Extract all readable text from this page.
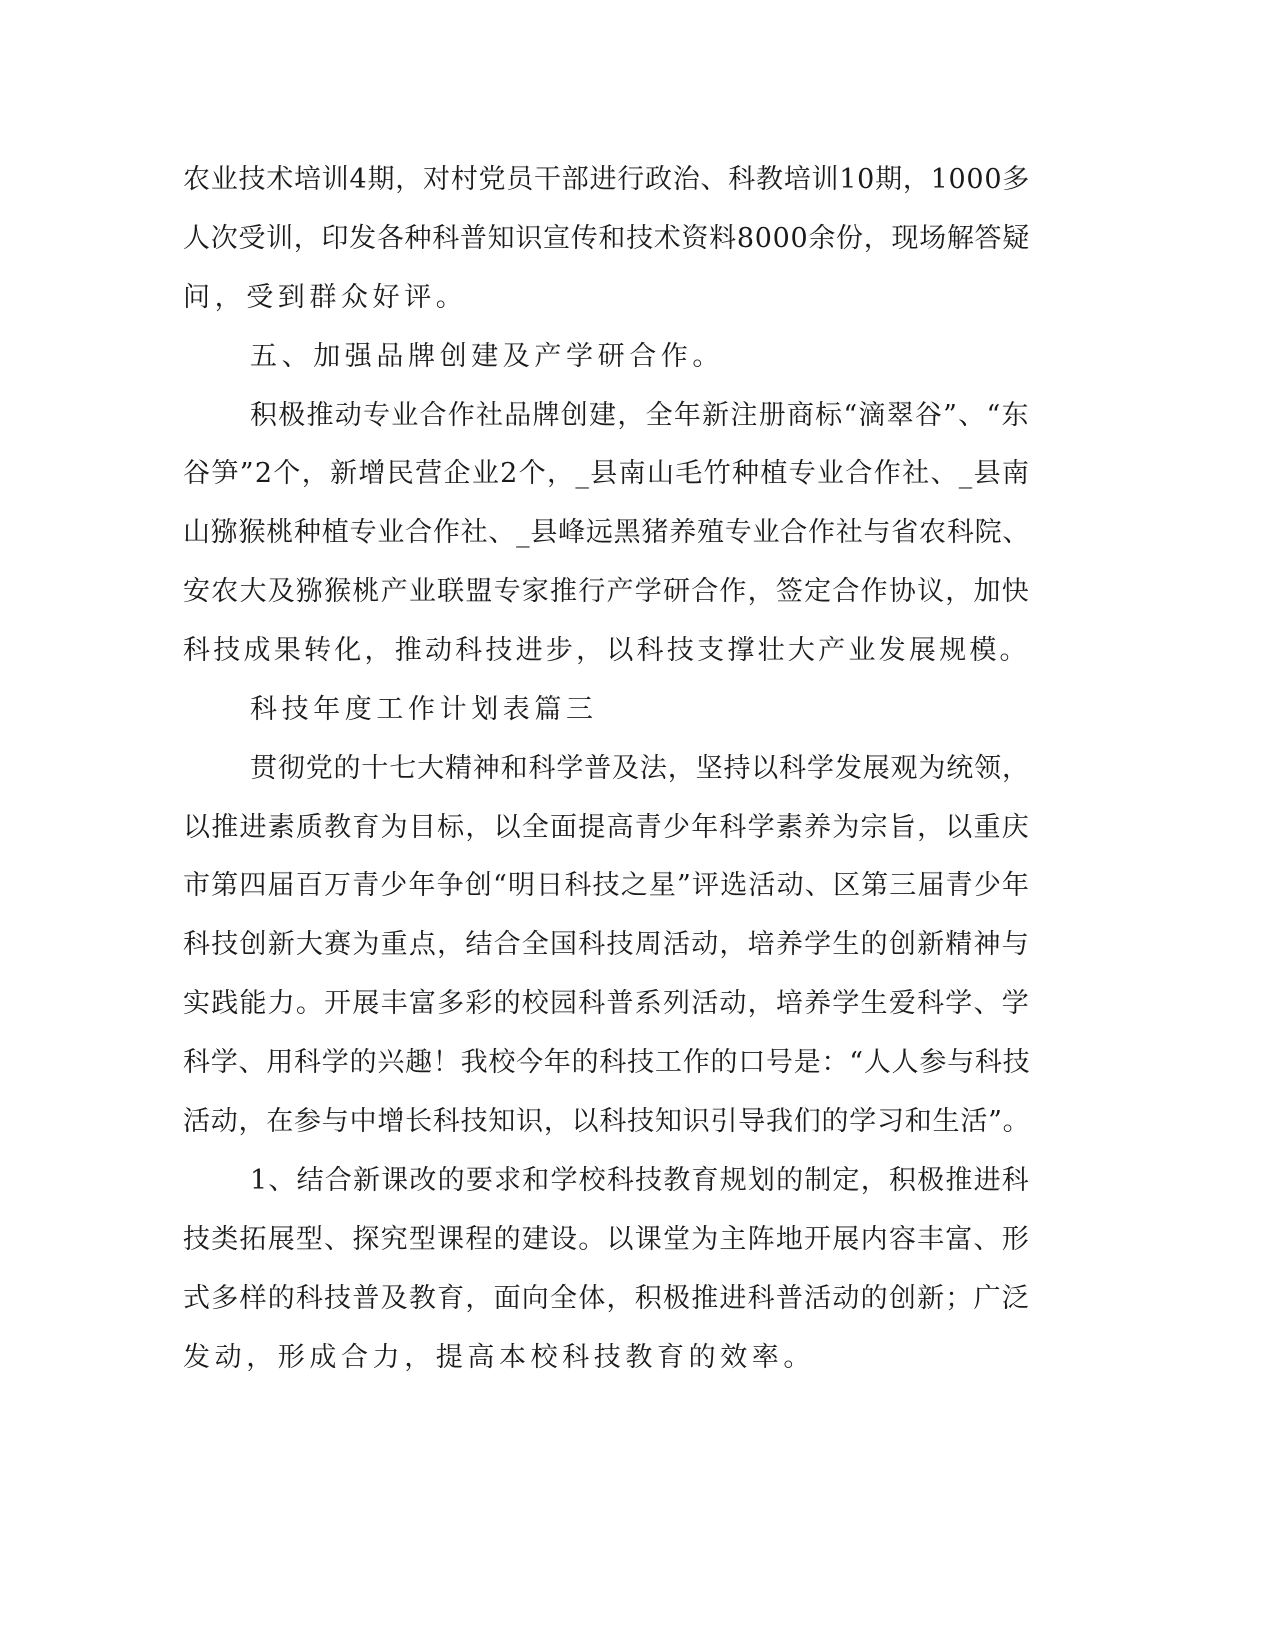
农业技术培训4期，对村党员干部进行政治、科教培训10期，1000多
人次受训，印发各种科普知识宣传和技术资料8000余份，现场解答疑
问，受到群众好评。
五、加强品牌创建及产学研合作。
积极推动专业合作社品牌创建，全年新注册商标“滴翠谷”、“东
谷笋”2个，新增民营企业2个，_县南山毛竹种植专业合作社、_县南
山猕猴桃种植专业合作社、_县峰远黑猪养殖专业合作社与省农科院、
安农大及猕猴桃产业联盟专家推行产学研合作，签定合作协议，加快
科技成果转化，推动科技进步，以科技支撑壮大产业发展规模。
科技年度工作计划表篇三
贯彻党的十七大精神和科学普及法，坚持以科学发展观为统领，
以推进素质教育为目标，以全面提高青少年科学素养为宗旨，以重庆
市第四届百万青少年争创“明日科技之星”评选活动、区第三届青少年
科技创新大赛为重点，结合全国科技周活动，培养学生的创新精神与
实践能力。开展丰富多彩的校园科普系列活动，培养学生爱科学、学
科学、用科学的兴趣！我校今年的科技工作的口号是：“人人参与科技
活动，在参与中增长科技知识，以科技知识引导我们的学习和生活”。
1、结合新课改的要求和学校科技教育规划的制定，积极推进科
技类拓展型、探究型课程的建设。以课堂为主阵地开展内容丰富、形
式多样的科技普及教育，面向全体，积极推进科普活动的创新；广泛
发动，形成合力，提高本校科技教育的效率。
